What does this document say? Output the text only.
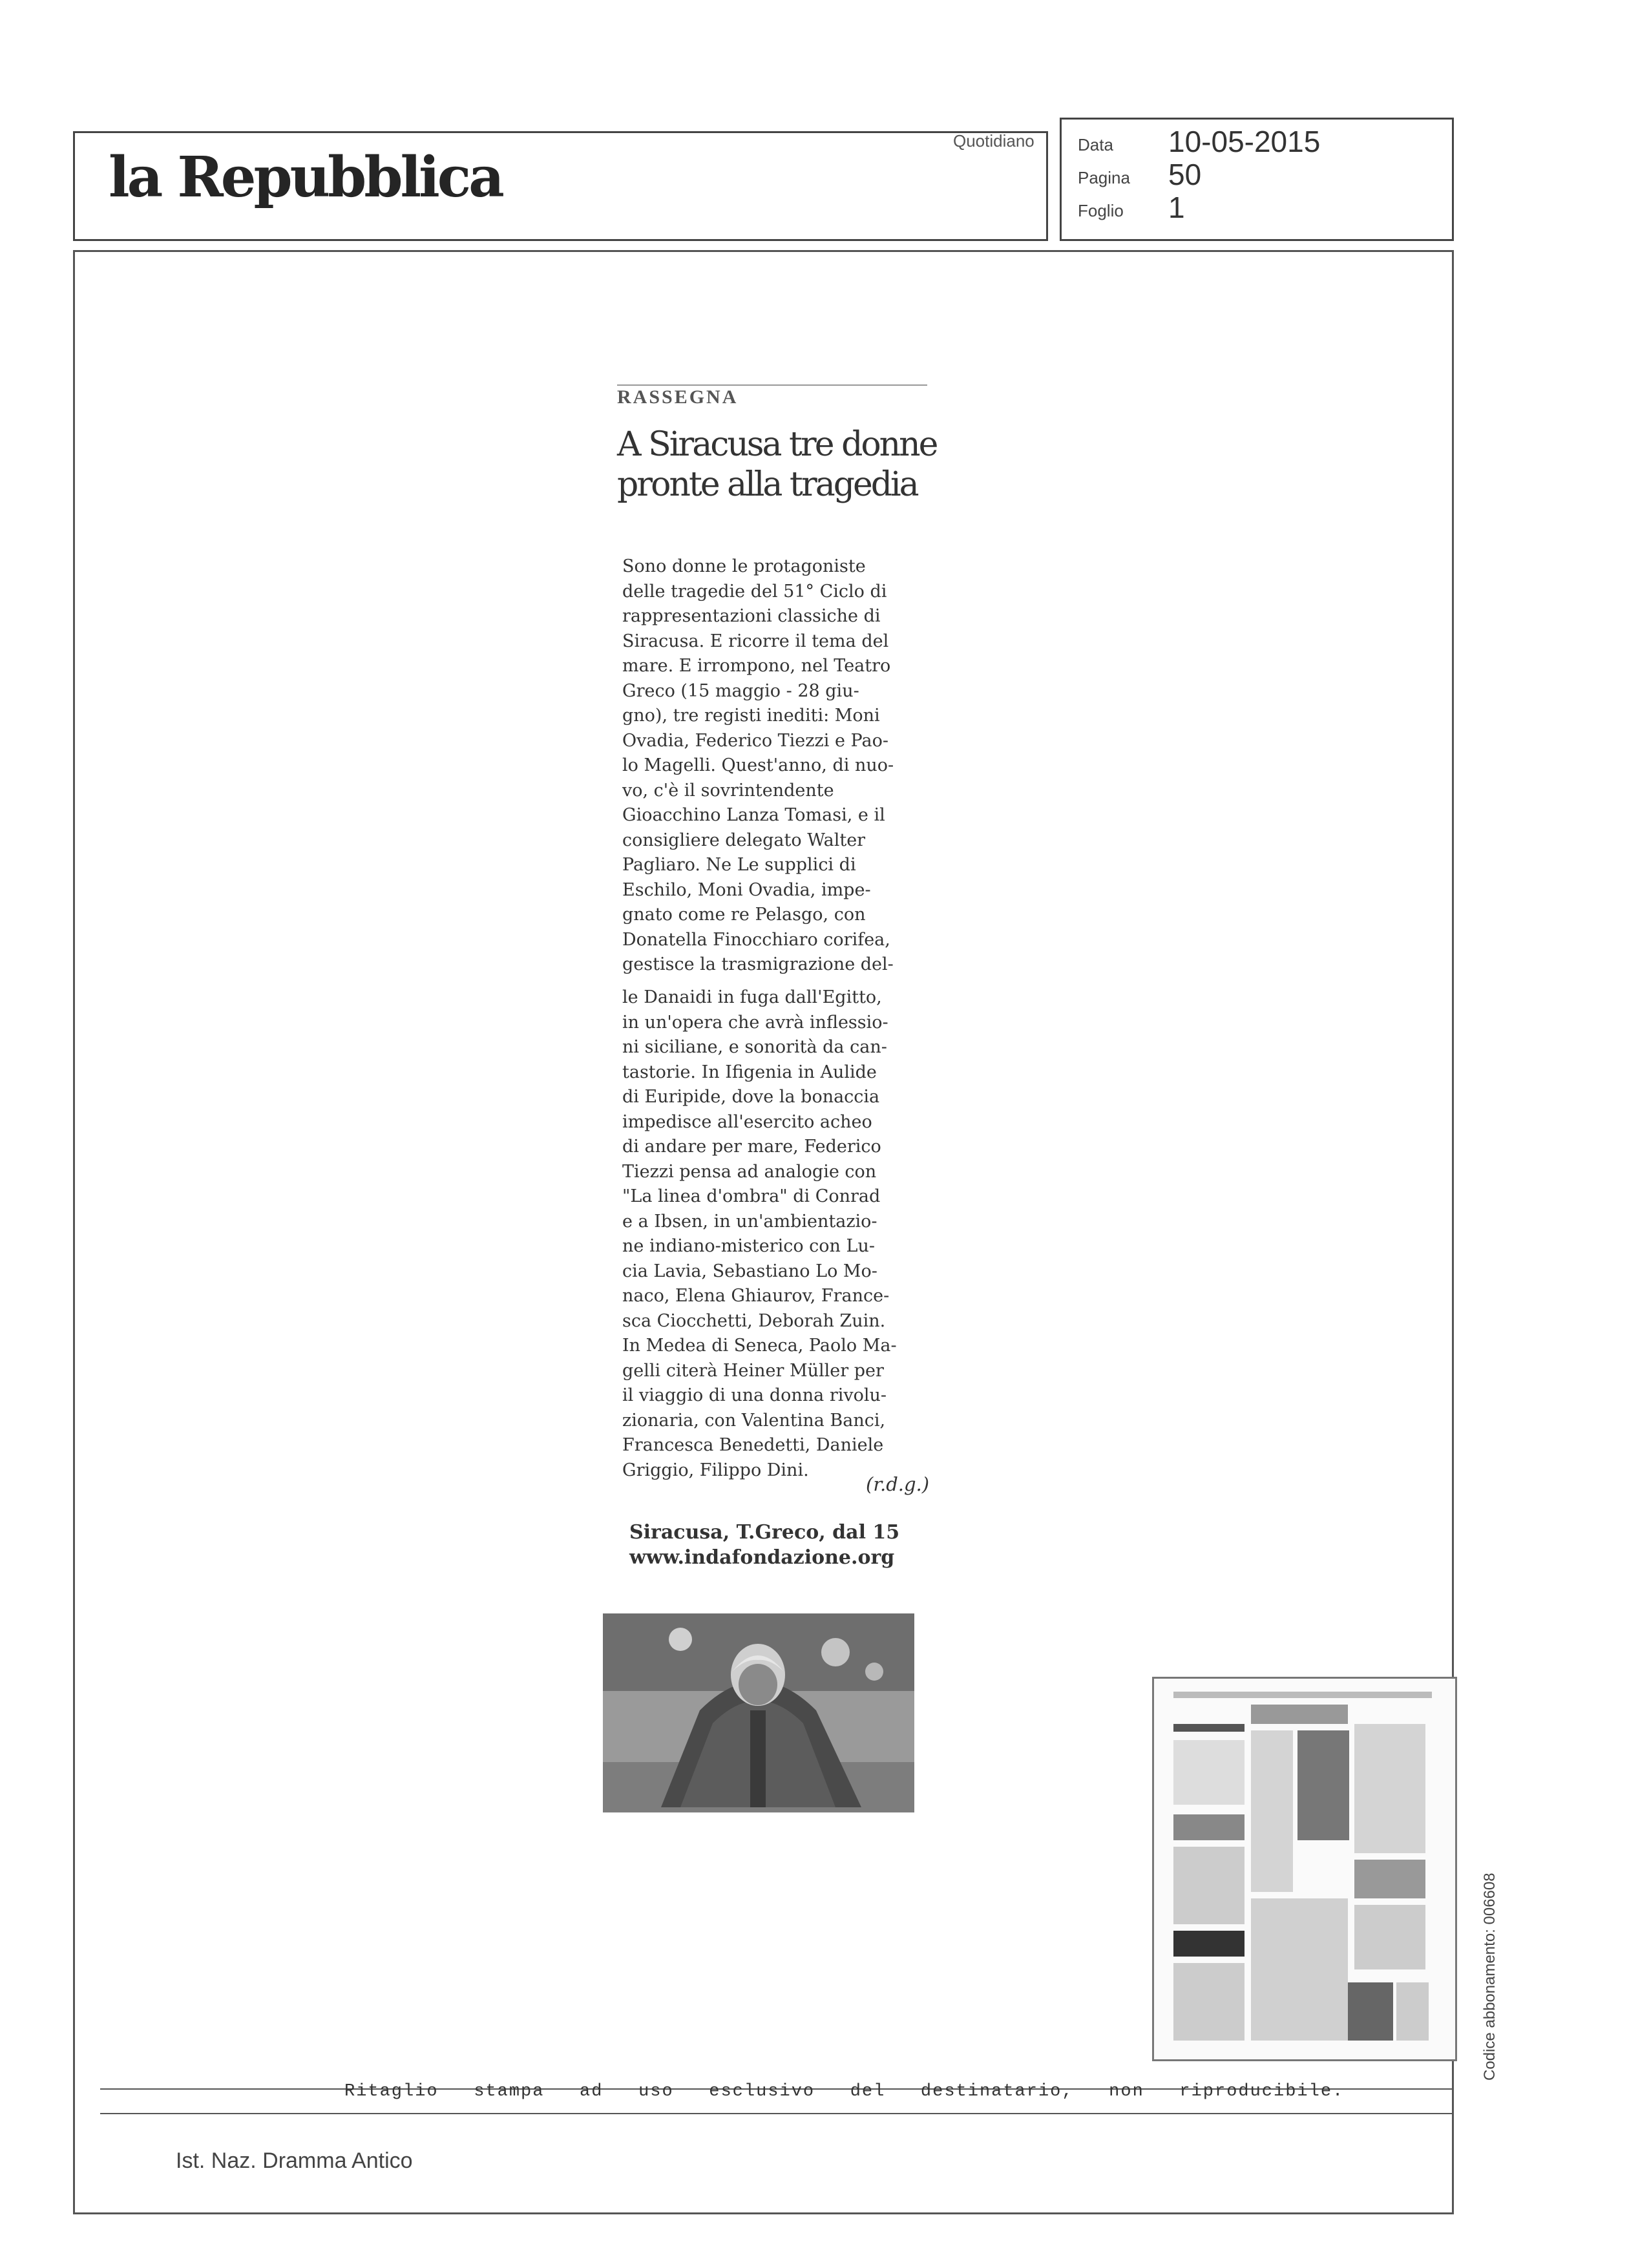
la Repubblica
Quotidiano	Data 10-05-2015
Pagina 50
Foglio 1
RASSEGNA
A Siracusa tre donne
pronte alla tragedia

Sono donne le protagoniste
delle tragedie del 51° Ciclo di
rappresentazioni classiche di
Siracusa. E ricorre il tema del
mare. E irrompono, nel Teatro
Greco (15 maggio - 28 giu-
gno), tre registi inediti: Moni
Ovadia, Federico Tiezzi e Pao-
lo Magelli. Quest'anno, di nuo-
vo, c'è il sovrintendente
Gioacchino Lanza Tomasi, e il
consigliere delegato Walter
Pagliaro. Ne Le supplici di
Eschilo, Moni Ovadia, impe-
gnato come re Pelasgo, con
Donatella Finocchiaro corifea,
gestisce la trasmigrazione del-

le Danaidi in fuga dall'Egitto,
in un'opera che avrà inflessio-
ni siciliane, e sonorità da can-
tastorie. In Ifigenia in Aulide
di Euripide, dove la bonaccia
impedisce all'esercito acheo
di andare per mare, Federico
Tiezzi pensa ad analogie con
"La linea d'ombra" di Conrad
e a Ibsen, in un'ambientazio-
ne indiano-misterico con Lu-
cia Lavia, Sebastiano Lo Mo-
naco, Elena Ghiaurov, France-
sca Ciocchetti, Deborah Zuin.
In Medea di Seneca, Paolo Ma-
gelli citerà Heiner Müller per
il viaggio di una donna rivolu-
zionaria, con Valentina Banci,
Francesca Benedetti, Daniele
Griggio, Filippo Dini.

(r.d.g.)
Siracusa, T.Greco, dal 15
www.indafondazione.org
Ritaglio   stampa   ad   uso   esclusivo   del   destinatario,   non   riproducibile.
Codice abbonamento: 006608
Ist. Naz. Dramma Antico
